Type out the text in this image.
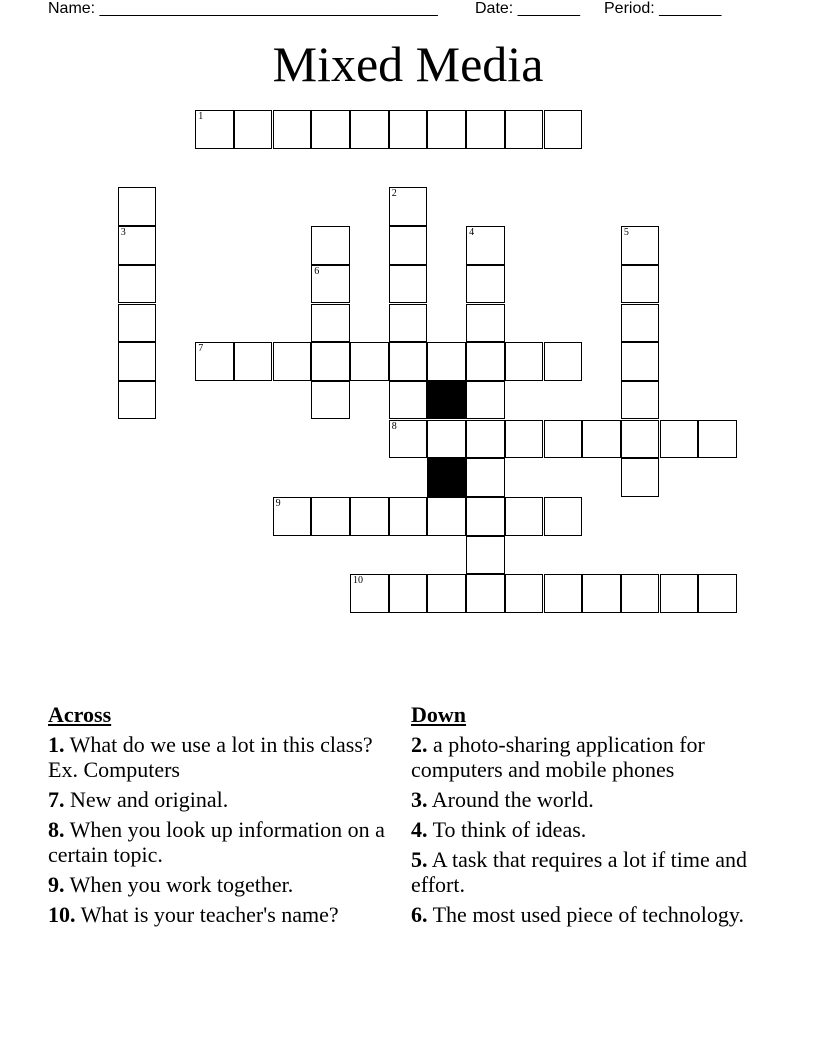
Name: ______________________________________ Date: _______ Period: _______
Mixed Media
1
3
6
2
8
4	5
7
9
10
Across
1. What do we use a lot in this class? Ex. Computers
7. New and original.
8. When you look up information on a certain topic.
9. When you work together.
10. What is your teacher's name?
Down
2. a photo-sharing application for computers and mobile phones
3. Around the world.
4. To think of ideas.
5. A task that requires a lot if time and effort.
6. The most used piece of technology.
